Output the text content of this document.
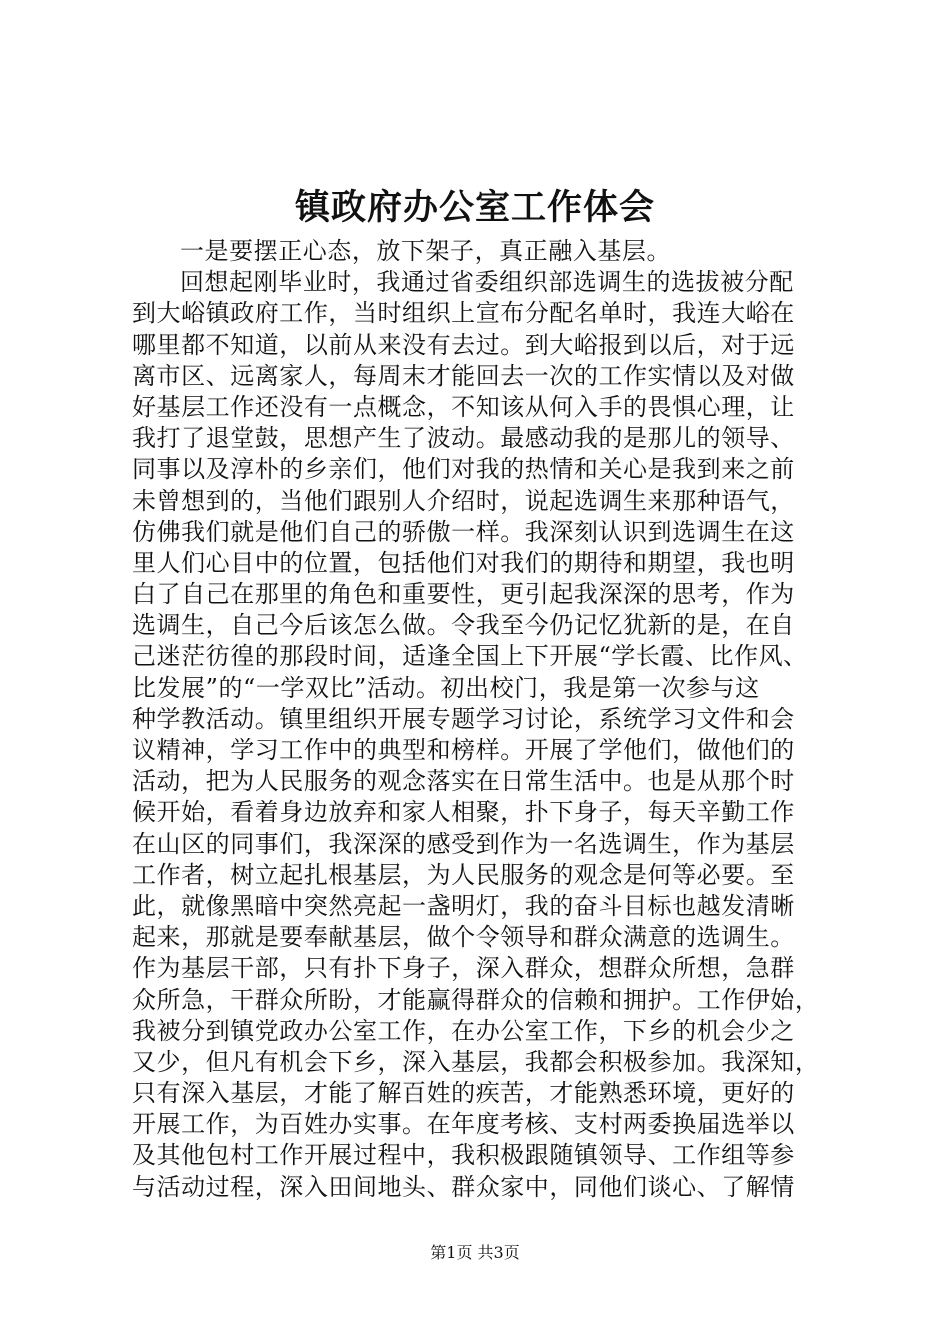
镇政府办公室工作体会
一是要摆正心态，放下架子，真正融入基层。
回想起刚毕业时，我通过省委组织部选调生的选拔被分配
到大峪镇政府工作，当时组织上宣布分配名单时，我连大峪在
哪里都不知道，以前从来没有去过。到大峪报到以后，对于远
离市区、远离家人，每周末才能回去一次的工作实情以及对做
好基层工作还没有一点概念，不知该从何入手的畏惧心理，让
我打了退堂鼓，思想产生了波动。最感动我的是那儿的领导、
同事以及淳朴的乡亲们，他们对我的热情和关心是我到来之前
未曾想到的，当他们跟别人介绍时，说起选调生来那种语气，
仿佛我们就是他们自己的骄傲一样。我深刻认识到选调生在这
里人们心目中的位置，包括他们对我们的期待和期望，我也明
白了自己在那里的角色和重要性，更引起我深深的思考，作为
选调生，自己今后该怎么做。令我至今仍记忆犹新的是，在自
己迷茫彷徨的那段时间，适逢全国上下开展“学长霞、比作风、
比发展”的“一学双比”活动。初出校门，我是第一次参与这
种学教活动。镇里组织开展专题学习讨论，系统学习文件和会
议精神，学习工作中的典型和榜样。开展了学他们，做他们的
活动，把为人民服务的观念落实在日常生活中。也是从那个时
候开始，看着身边放弃和家人相聚，扑下身子，每天辛勤工作
在山区的同事们，我深深的感受到作为一名选调生，作为基层
工作者，树立起扎根基层，为人民服务的观念是何等必要。至
此，就像黑暗中突然亮起一盏明灯，我的奋斗目标也越发清晰
起来，那就是要奉献基层，做个令领导和群众满意的选调生。
作为基层干部，只有扑下身子，深入群众，想群众所想，急群
众所急，干群众所盼，才能赢得群众的信赖和拥护。工作伊始，
我被分到镇党政办公室工作，在办公室工作，下乡的机会少之
又少，但凡有机会下乡，深入基层，我都会积极参加。我深知，
只有深入基层，才能了解百姓的疾苦，才能熟悉环境，更好的
开展工作，为百姓办实事。在年度考核、支村两委换届选举以
及其他包村工作开展过程中，我积极跟随镇领导、工作组等参
与活动过程，深入田间地头、群众家中，同他们谈心、了解情
第1页 共3页
